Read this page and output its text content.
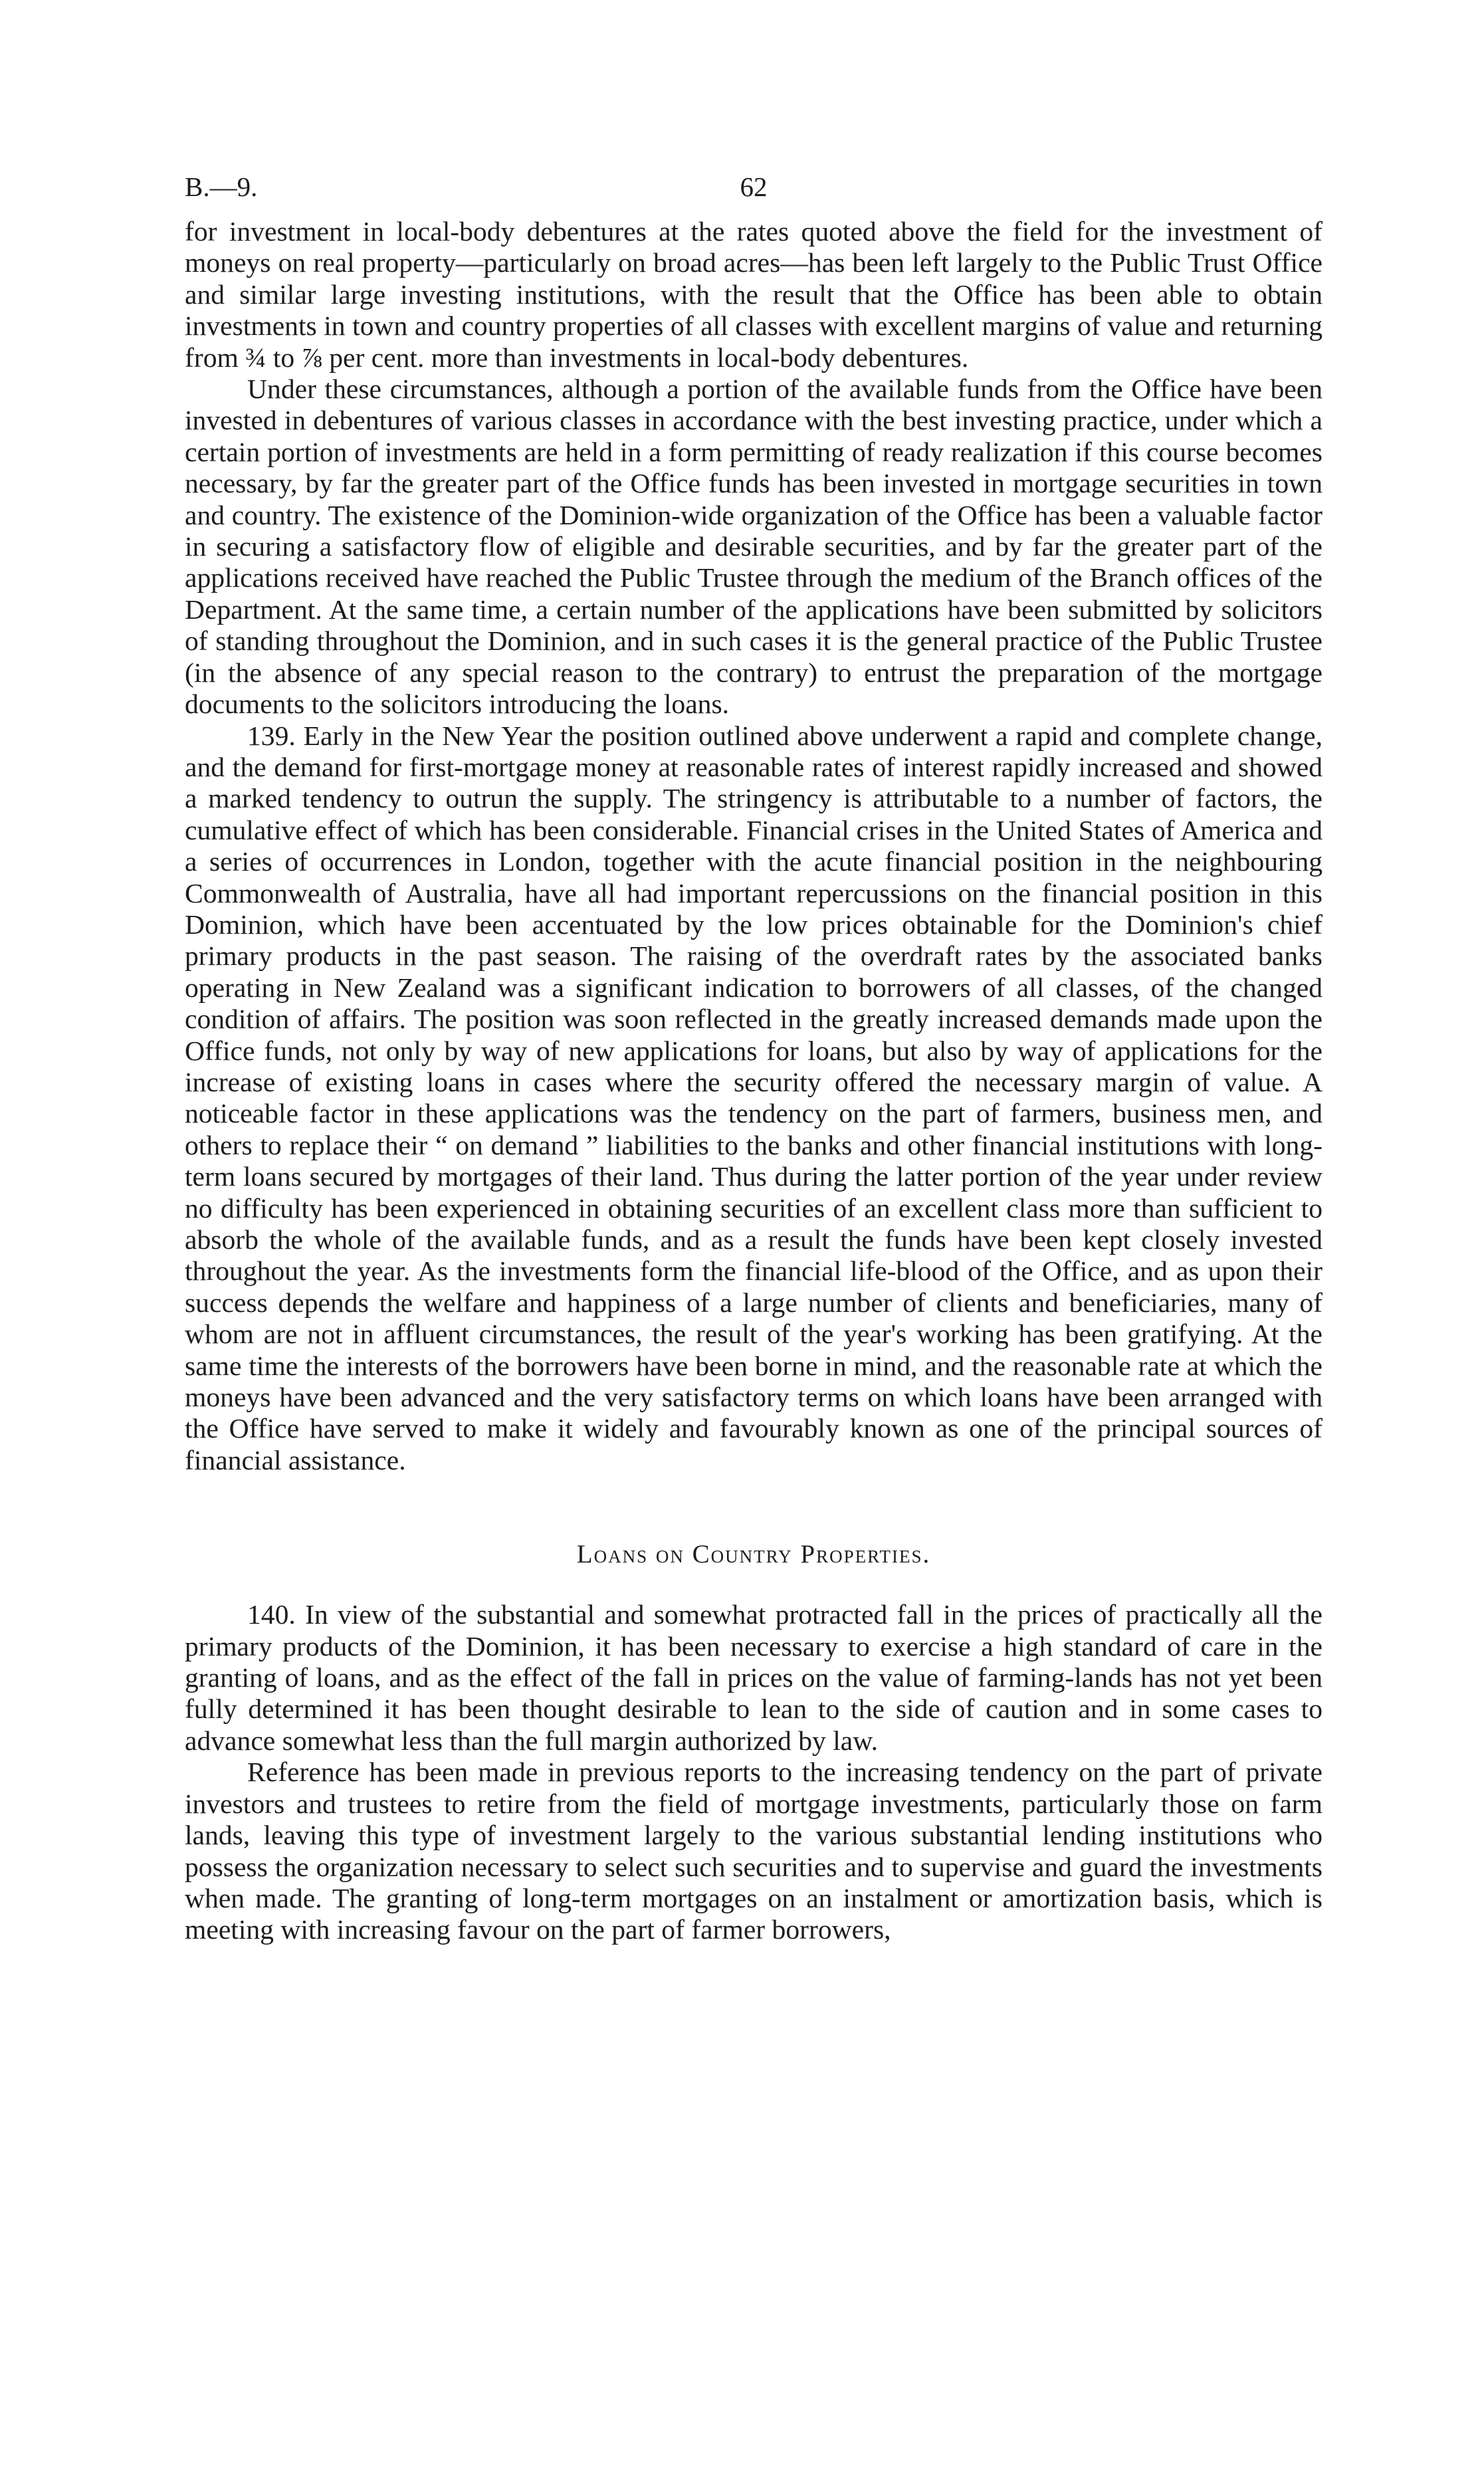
B.—9.	62

for investment in local-body debentures at the rates quoted above the field for the investment of moneys on real property—particularly on broad acres—has been left largely to the Public Trust Office and similar large investing institutions, with the result that the Office has been able to obtain investments in town and country properties of all classes with excellent margins of value and returning from ¾ to ⅞ per cent. more than investments in local-body debentures.

Under these circumstances, although a portion of the available funds from the Office have been invested in debentures of various classes in accordance with the best investing practice, under which a certain portion of investments are held in a form permitting of ready realization if this course becomes necessary, by far the greater part of the Office funds has been invested in mortgage securities in town and country. The existence of the Dominion-wide organization of the Office has been a valuable factor in securing a satisfactory flow of eligible and desirable securities, and by far the greater part of the applications received have reached the Public Trustee through the medium of the Branch offices of the Department. At the same time, a certain number of the applications have been submitted by solicitors of standing throughout the Dominion, and in such cases it is the general practice of the Public Trustee (in the absence of any special reason to the contrary) to entrust the preparation of the mortgage documents to the solicitors introducing the loans.

139. Early in the New Year the position outlined above underwent a rapid and complete change, and the demand for first-mortgage money at reasonable rates of interest rapidly increased and showed a marked tendency to outrun the supply. The stringency is attributable to a number of factors, the cumulative effect of which has been considerable. Financial crises in the United States of America and a series of occurrences in London, together with the acute financial position in the neighbouring Commonwealth of Australia, have all had important repercussions on the financial position in this Dominion, which have been accentuated by the low prices obtainable for the Dominion's chief primary products in the past season. The raising of the overdraft rates by the associated banks operating in New Zealand was a significant indication to borrowers of all classes, of the changed condition of affairs. The position was soon reflected in the greatly increased demands made upon the Office funds, not only by way of new applications for loans, but also by way of applications for the increase of existing loans in cases where the security offered the necessary margin of value. A noticeable factor in these applications was the tendency on the part of farmers, business men, and others to replace their “ on demand ” liabilities to the banks and other financial institutions with long-term loans secured by mortgages of their land. Thus during the latter portion of the year under review no difficulty has been experienced in obtaining securities of an excellent class more than sufficient to absorb the whole of the available funds, and as a result the funds have been kept closely invested throughout the year. As the investments form the financial life-blood of the Office, and as upon their success depends the welfare and happiness of a large number of clients and beneficiaries, many of whom are not in affluent circumstances, the result of the year's working has been gratifying. At the same time the interests of the borrowers have been borne in mind, and the reasonable rate at which the moneys have been advanced and the very satisfactory terms on which loans have been arranged with the Office have served to make it widely and favourably known as one of the principal sources of financial assistance.

Loans on Country Properties.

140. In view of the substantial and somewhat protracted fall in the prices of practically all the primary products of the Dominion, it has been necessary to exercise a high standard of care in the granting of loans, and as the effect of the fall in prices on the value of farming-lands has not yet been fully determined it has been thought desirable to lean to the side of caution and in some cases to advance somewhat less than the full margin authorized by law.

Reference has been made in previous reports to the increasing tendency on the part of private investors and trustees to retire from the field of mortgage investments, particularly those on farm lands, leaving this type of investment largely to the various substantial lending institutions who possess the organization necessary to select such securities and to supervise and guard the investments when made. The granting of long-term mortgages on an instalment or amortization basis, which is meeting with increasing favour on the part of farmer borrowers,
